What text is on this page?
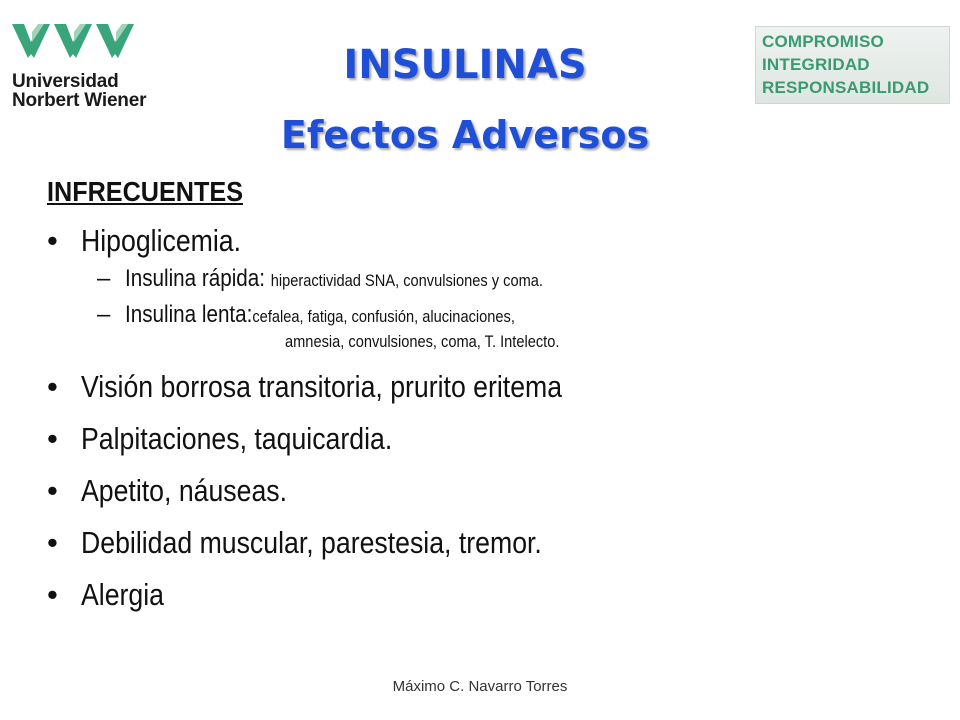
Universidad
Norbert Wiener
COMPROMISO
INTEGRIDAD
RESPONSABILIDAD
INSULINAS
Efectos Adversos
INFRECUENTES
• Hipoglicemia.
– Insulina rápida: hiperactividad SNA, convulsiones y coma.
– Insulina lenta:cefalea, fatiga, confusión, alucinaciones,
amnesia, convulsiones, coma, T. Intelecto.
• Visión borrosa transitoria, prurito eritema
• Palpitaciones, taquicardia.
• Apetito, náuseas.
• Debilidad muscular, parestesia, tremor.
• Alergia
Máximo C. Navarro Torres
